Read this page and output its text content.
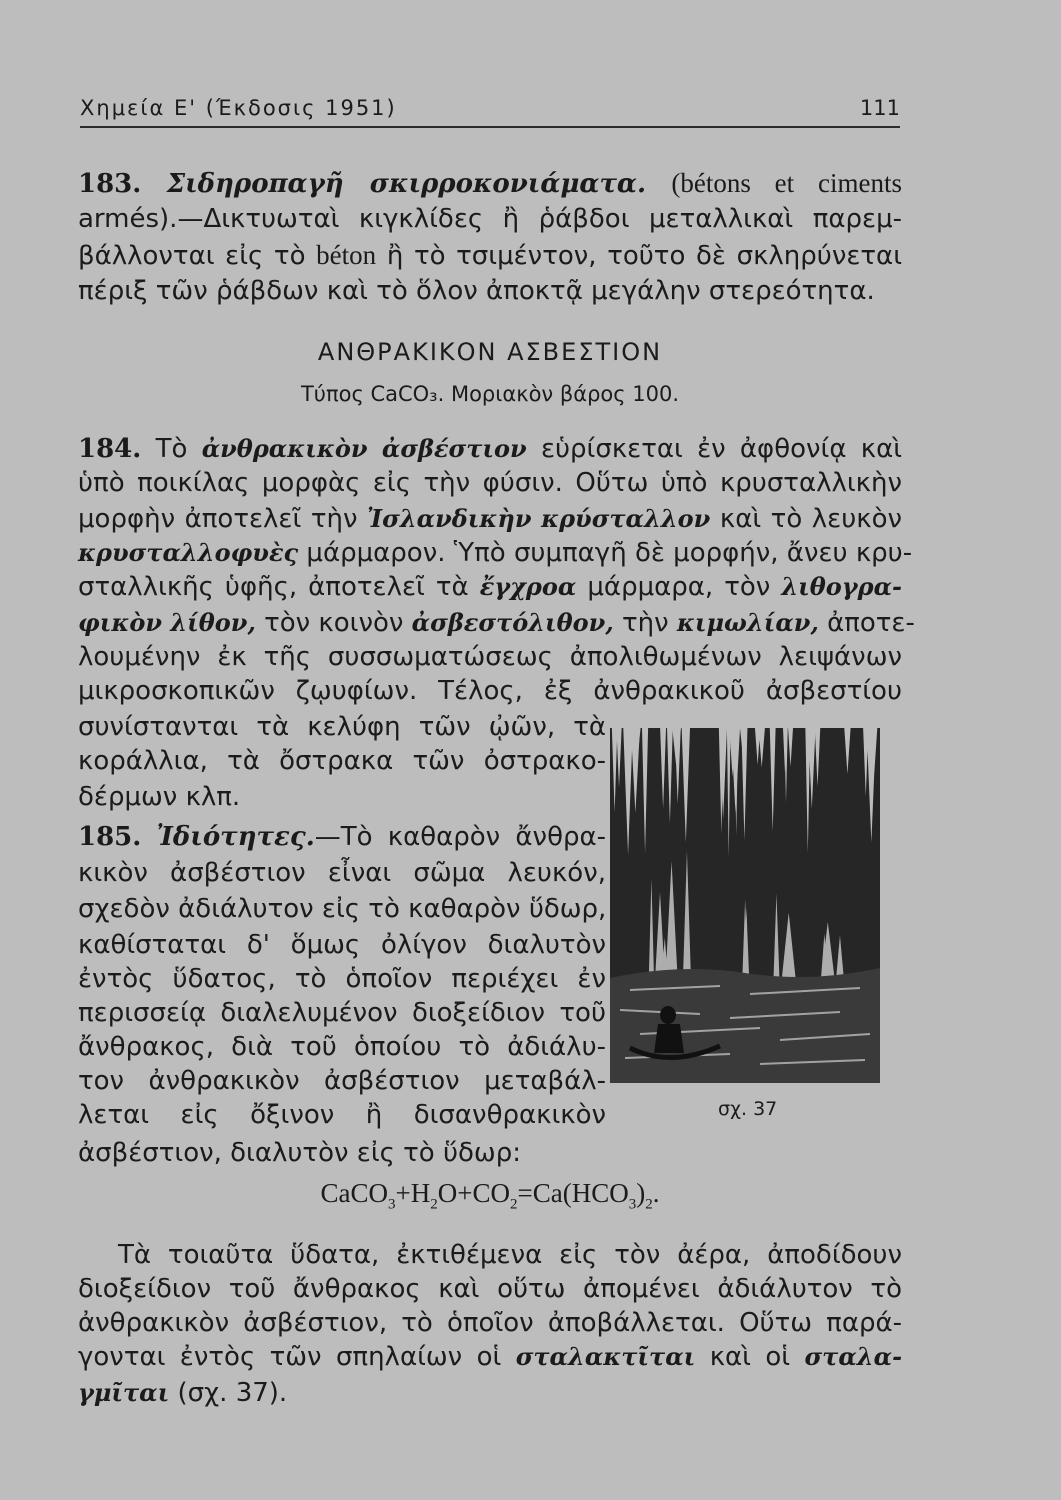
Χημεία Ε' (Έκδοσις 1951)	111
183. Σιδηροπαγῆ σκιρροκονιάματα. (bétons et ciments
armés).—Δικτυωταὶ κιγκλίδες ἢ ῥάβδοι μεταλλικαὶ παρεμ-
βάλλονται εἰς τὸ béton ἢ τὸ τσιμέντον, τοῦτο δὲ σκληρύνεται
πέριξ τῶν ῥάβδων καὶ τὸ ὅλον ἀποκτᾷ μεγάλην στερεότητα.
ΑΝΘΡΑΚΙΚΟΝ ΑΣΒΕΣΤΙΟΝ
Τύπος CaCO₃. Μοριακὸν βάρος 100.
184. Τὸ ἀνθρακικὸν ἀσβέστιον εὑρίσκεται ἐν ἀφθονίᾳ καὶ
ὑπὸ ποικίλας μορφὰς εἰς τὴν φύσιν. Οὕτω ὑπὸ κρυσταλλικὴν
μορφὴν ἀποτελεῖ τὴν Ἰσλανδικὴν κρύσταλλον καὶ τὸ λευκὸν
κρυσταλλοφυὲς μάρμαρον. Ὑπὸ συμπαγῆ δὲ μορφήν, ἄνευ κρυ-
σταλλικῆς ὑφῆς, ἀποτελεῖ τὰ ἔγχροα μάρμαρα, τὸν λιθογρα-
φικὸν λίθον, τὸν κοινὸν ἀσβεστόλιθον, τὴν κιμωλίαν, ἀποτε-
λουμένην ἐκ τῆς συσσωματώσεως ἀπολιθωμένων λειψάνων
μικροσκοπικῶν ζῳυφίων. Τέλος, ἐξ ἀνθρακικοῦ ἀσβεστίου
συνίστανται τὰ κελύφη τῶν ᾠῶν, τὰ
κοράλλια, τὰ ὄστρακα τῶν ὀστρακο-
δέρμων κλπ.
185. Ἰδιότητες.—Τὸ καθαρὸν ἄνθρα-
κικὸν ἀσβέστιον εἶναι σῶμα λευκόν,
σχεδὸν ἀδιάλυτον εἰς τὸ καθαρὸν ὕδωρ,
καθίσταται δ' ὅμως ὀλίγον διαλυτὸν
ἐντὸς ὕδατος, τὸ ὁποῖον περιέχει ἐν
περισσείᾳ διαλελυμένον διοξείδιον τοῦ
ἄνθρακος, διὰ τοῦ ὁποίου τὸ ἀδιάλυ-
τον ἀνθρακικὸν ἀσβέστιον μεταβάλ-
λεται εἰς ὄξινον ἢ δισανθρακικὸν
ἀσβέστιον, διαλυτὸν εἰς τὸ ὕδωρ:
$CaCO_3+H_2O+CO_2=Ca(HCO_3)_2$.
Τὰ τοιαῦτα ὕδατα, ἐκτιθέμενα εἰς τὸν ἀέρα, ἀποδίδουν
διοξείδιον τοῦ ἄνθρακος καὶ οὕτω ἀπομένει ἀδιάλυτον τὸ
ἀνθρακικὸν ἀσβέστιον, τὸ ὁποῖον ἀποβάλλεται. Οὕτω παρά-
γονται ἐντὸς τῶν σπηλαίων οἱ σταλακτῖται καὶ οἱ σταλα-
γμῖται (σχ. 37).
σχ. 37
